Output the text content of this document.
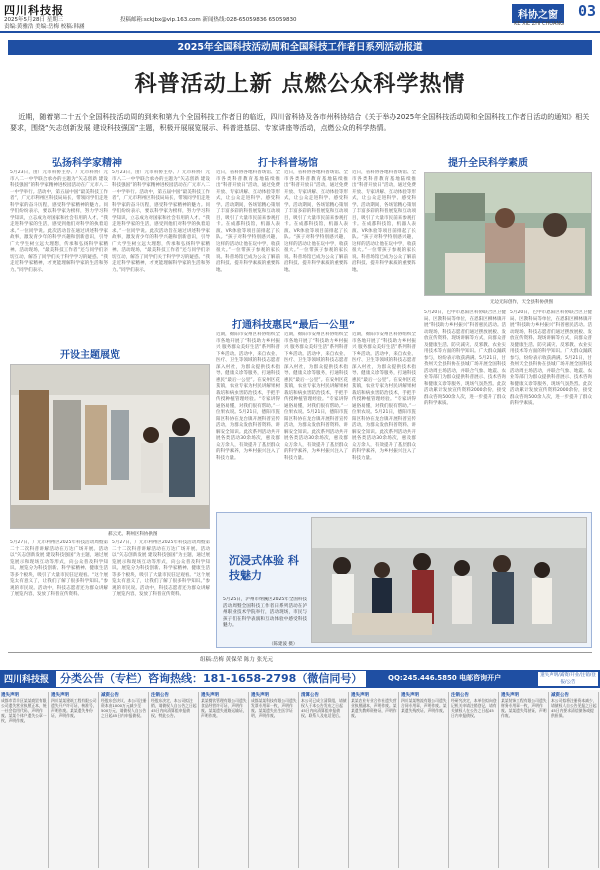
四川科技报
2025年5月28日 星期三
责编:黄雅浩 美编:岳梅 校稿:韩涵
投稿邮箱:sckjbx@vip.163.com 新闻热线:028-65059836 65059830	科协之窗	03
KE XIE ZHI CHUANG
2025年全国科技活动周和全国科技工作者日系列活动报道
科普活动上新 点燃公众科学热情
近期，随着第二十五个全国科技活动周的到来和第九个全国科技工作者日的临近，四川省科协及各市州科协结合《关于举办2025年全国科技活动周和全国科技工作者日活动的通知》相关要求，围绕“矢志创新发展 建设科技强国”主题，积极开展展览展示、科普进基层、专家讲座等活动，点燃公众的科学热情。
弘扬科学家精神
5月23日，由广元市科协主办、广元市科协广元市八二一中学联合承办的主题为“矢志创新 建设科技强国”的科学家精神进校园活动在广元市八二一中学举行。活动中，第五届中国“最美科技工作者”，广元市利州区科技局局长，带领同学们走进科学家的奋斗历程，感受科学家精神的魅力。同学们纷纷表示，要以科学家为榜样，努力学习科学知识，立志成为对国家和社会有用的人才。“我走进科学家的生活，感受到他们对科学的执着追求。”一位同学说。此次活动旨在通过讲述科学家故事，激发青少年的科学兴趣和创新意识，引导广大学生树立远大理想，传承和弘扬科学家精神。活动现场，“最美科技工作者”还与同学们亲切互动，解答了同学们关于科学学习的疑惑。“我走近科学家精神，才更能理解科学家的生活和努力。”同学们表示。
5月23日，由广元市科协主办、广元市科协广元市八二一中学联合承办的主题为“矢志创新 建设科技强国”的科学家精神进校园活动在广元市八二一中学举行。活动中，第五届中国“最美科技工作者”，广元市利州区科技局局长，带领同学们走进科学家的奋斗历程，感受科学家精神的魅力。同学们纷纷表示，要以科学家为榜样，努力学习科学知识，立志成为对国家和社会有用的人才。“我走进科学家的生活，感受到他们对科学的执着追求。”一位同学说。此次活动旨在通过讲述科学家故事，激发青少年的科学兴趣和创新意识，引导广大学生树立远大理想，传承和弘扬科学家精神。活动现场，“最美科技工作者”还与同学们亲切互动，解答了同学们关于科学学习的疑惑。“我走近科学家精神，才更能理解科学家的生活和努力。”同学们表示。
打卡科普场馆
近日，省科协各地科普场馆、全市各类科普教育基地陆续推出“科普开放日”活动，通过免费开放、专家讲解、互动体验等形式，让公众走进科学、感受科学。活动期间，各场馆精心策划了丰富多彩的科普展览和互动项目，吸引了大量市民前来参观打卡。在成都科技馆，机器人表演、VR体验等项目前排起了长队。“孩子对科学特别感兴趣，这样的活动让他在玩中学，收获很大。”一位带孩子参观的家长说。科普场馆已成为公众了解前沿科技、提升科学素质的重要阵地。
近日，省科协各地科普场馆、全市各类科普教育基地陆续推出“科普开放日”活动，通过免费开放、专家讲解、互动体验等形式，让公众走进科学、感受科学。活动期间，各场馆精心策划了丰富多彩的科普展览和互动项目，吸引了大量市民前来参观打卡。在成都科技馆，机器人表演、VR体验等项目前排起了长队。“孩子对科学特别感兴趣，这样的活动让他在玩中学，收获很大。”一位带孩子参观的家长说。科普场馆已成为公众了解前沿科技、提升科学素质的重要阵地。
近日，省科协各地科普场馆、全市各类科普教育基地陆续推出“科普开放日”活动，通过免费开放、专家讲解、互动体验等形式，让公众走进科学、感受科学。活动期间，各场馆精心策划了丰富多彩的科普展览和互动项目，吸引了大量市民前来参观打卡。在成都科技馆，机器人表演、VR体验等项目前排起了长队。“孩子对科学特别感兴趣，这样的活动让他在玩中学，收获很大。”一位带孩子参观的家长说。科普场馆已成为公众了解前沿科技、提升科学素质的重要阵地。
提升全民科学素质
无边无际创作，天全县科协供图
5月20日，巴中市恩阳区科协联合区卫健局、区教科局等单位，在恩阳区柳林镇开展“科技助力乡村振兴”科普惠民活动。活动现场，科技志愿者们通过摆放展板、发放宣传资料、现场讲解等方式，向群众普及健康生活、防灾减灾、反邪教、农业实用技术等方面的科学知识。广大群众踊跃参与，纷纷表示收获满满。5月21日，甘孜州天全县科协在县城广场开展全国科技活动周主场活动，并联合气象、地震、农业等部门为群众提供科普展示、技术咨询和健康义诊等服务，现场气氛热烈。此次活动累计发放宣传资料2000余份，接受群众咨询500余人次，进一步提升了群众的科学素质。
5月20日，巴中市恩阳区科协联合区卫健局、区教科局等单位，在恩阳区柳林镇开展“科技助力乡村振兴”科普惠民活动。活动现场，科技志愿者们通过摆放展板、发放宣传资料、现场讲解等方式，向群众普及健康生活、防灾减灾、反邪教、农业实用技术等方面的科学知识。广大群众踊跃参与，纷纷表示收获满满。5月21日，甘孜州天全县科协在县城广场开展全国科技活动周主场活动，并联合气象、地震、农业等部门为群众提供科普展示、技术咨询和健康义诊等服务，现场气氛热烈。此次活动累计发放宣传资料2000余份，接受群众咨询500余人次，进一步提升了群众的科学素质。
开设主题展览
郝云光、利州区科协供图
5月27日，广元市利州区2025年科技活动周暨第二十二次科普讲解活动在万达广场开展。活动以“矢志创新发展 建设科技强国”为主题，通过展览展示和现场互动等形式，向公众普及科学知识。展览分为科技创新、科学家精神、健康生活等多个板块，吸引了大量市民驻足观看。“这个展览太有意义了，让我们了解了很多科学知识。”参观的市民说。活动中，科技志愿者还为群众讲解了展览内容，发放了科普宣传资料。
5月27日，广元市利州区2025年科技活动周暨第二十二次科普讲解活动在万达广场开展。活动以“矢志创新发展 建设科技强国”为主题，通过展览展示和现场互动等形式，向公众普及科学知识。展览分为科技创新、科学家精神、健康生活等多个板块，吸引了大量市民驻足观看。“这个展览太有意义了，让我们了解了很多科学知识。”参观的市民说。活动中，科技志愿者还为群众讲解了展览内容，发放了科普宣传资料。
打通科技惠民“最后一公里”
近期，绵阳市安州区科协组织全市各地开展了“科技助力乡村振兴 服务群众美好生活”系列科普下乡活动。活动中，来自农业、医疗、卫生等领域的科技志愿者深入村社，为群众提供技术指导、健康义诊等服务，打通科技惠民“最后一公里”。在安州区花荄镇，农业专家为村民讲解果树栽培和病虫害防治技术，手把手传授种植管理经验。“专家讲得通俗易懂，对我们很有帮助。”一位果农说。5月21日，德阳市旌阳区科协在龙台镇开展科普宣传活动，为群众发放科普资料、讲解安全知识。此次系列活动共开展各类活动30余场次，惠及群众万余人，有效提升了基层群众的科学素养，为乡村振兴注入了科技力量。
近期，绵阳市安州区科协组织全市各地开展了“科技助力乡村振兴 服务群众美好生活”系列科普下乡活动。活动中，来自农业、医疗、卫生等领域的科技志愿者深入村社，为群众提供技术指导、健康义诊等服务，打通科技惠民“最后一公里”。在安州区花荄镇，农业专家为村民讲解果树栽培和病虫害防治技术，手把手传授种植管理经验。“专家讲得通俗易懂，对我们很有帮助。”一位果农说。5月21日，德阳市旌阳区科协在龙台镇开展科普宣传活动，为群众发放科普资料、讲解安全知识。此次系列活动共开展各类活动30余场次，惠及群众万余人，有效提升了基层群众的科学素养，为乡村振兴注入了科技力量。
近期，绵阳市安州区科协组织全市各地开展了“科技助力乡村振兴 服务群众美好生活”系列科普下乡活动。活动中，来自农业、医疗、卫生等领域的科技志愿者深入村社，为群众提供技术指导、健康义诊等服务，打通科技惠民“最后一公里”。在安州区花荄镇，农业专家为村民讲解果树栽培和病虫害防治技术，手把手传授种植管理经验。“专家讲得通俗易懂，对我们很有帮助。”一位果农说。5月21日，德阳市旌阳区科协在龙台镇开展科普宣传活动，为群众发放科普资料、讲解安全知识。此次系列活动共开展各类活动30余场次，惠及群众万余人，有效提升了基层群众的科学素养，为乡村振兴注入了科技力量。
沉浸式体验 科技魅力
5月25日，泸州市纳溪区2025年全国科技活动周暨全国科技工作者日系列活动在泸州职业技术学院举行，活动现场，市民与孩子们在科学表演和互动体验中感受科技魅力。
（陈建波 摄）
组稿:岳梅 黄保荣 陈力 张光元
四川科技报 分类公告（专栏）咨询热线：181-1658-2798（微信同号）	QQ:245.446.5850 电邮咨询开户	遗失声明/减资/开业/注销/登报/公告
遗失声明
成都市青羊区某某商贸有限公司遗失营业执照正本，统一社会信用代码，声明作废。某某个体户遗失公章一枚，声明作废。
遗失声明
四川某某建筑工程有限公司遗失开户许可证，核准号，声明作废。某某遗失身份证，声明作废。
减资公告
经股东会决议，本公司注册资本由1000万元减少至500万元，请债权人自公告之日起45日内申报债权。
注销公告
经股东决定，本公司拟注销，请债权人自公告之日起45日内向清算组申报债权。特此公告。
遗失声明
某某餐饮管理有限公司遗失食品经营许可证，声明作废。某某遗失道路运输证，声明作废。
遗失声明
成都某某科技有限公司遗失发票专用章一枚，声明作废。某某遗失出生医学证明，声明作废。
清算公告
本公司已成立清算组，请债权人于本公告发布之日起45日内向清算组申报债权。联系人及电话见后。
遗失声明
某某农业专业合作社遗失营业执照副本，声明作废。某某遗失教师资格证，声明作废。
遗失声明
四川某某物流有限公司遗失合同专用章，声明作废。某某遗失残疾证，声明作废。
注销公告
经研究决定，本单位拟向登记机关申请注销登记，请有关债权人在公告之日起45日内申报债权。
遗失声明
某某装饰工程有限公司遗失财务专用章一枚，声明作废。某某遗失驾驶证，声明作废。
减资公告
本公司拟将注册资本减少，请债权人自公告见报之日起45日内要求清偿债务或提供担保。
